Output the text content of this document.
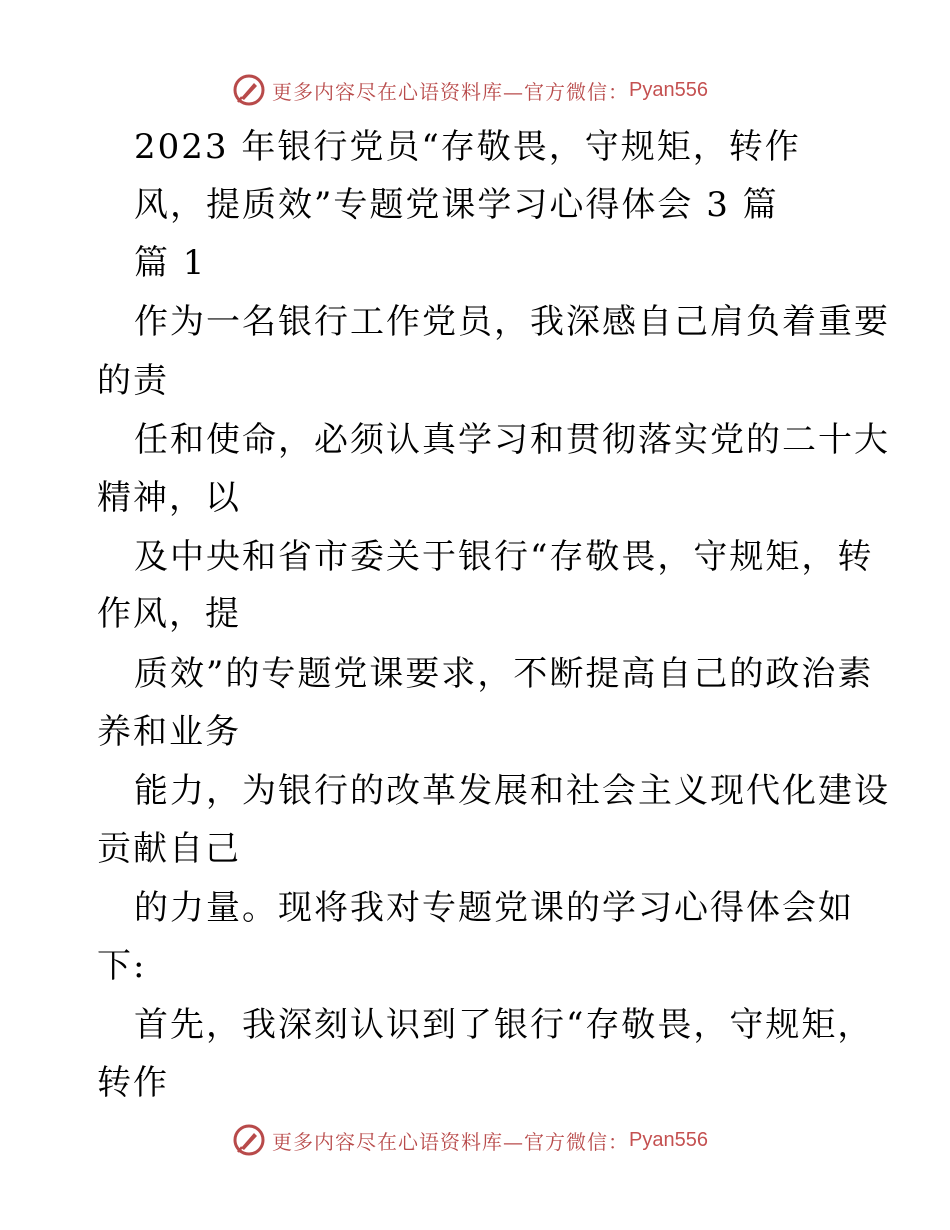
更多内容尽在心语资料库—官方微信： Pyan556
2023 年银行党员“存敬畏，守规矩，转作
风，提质效”专题党课学习心得体会 3 篇
篇 1
作为一名银行工作党员，我深感自己肩负着重要
的责
任和使命，必须认真学习和贯彻落实党的二十大
精神，以
及中央和省市委关于银行“存敬畏，守规矩，转
作风，提
质效”的专题党课要求，不断提高自己的政治素
养和业务
能力，为银行的改革发展和社会主义现代化建设
贡献自己
的力量。现将我对专题党课的学习心得体会如
下:
首先，我深刻认识到了银行“存敬畏，守规矩，
转作
更多内容尽在心语资料库—官方微信： Pyan556
